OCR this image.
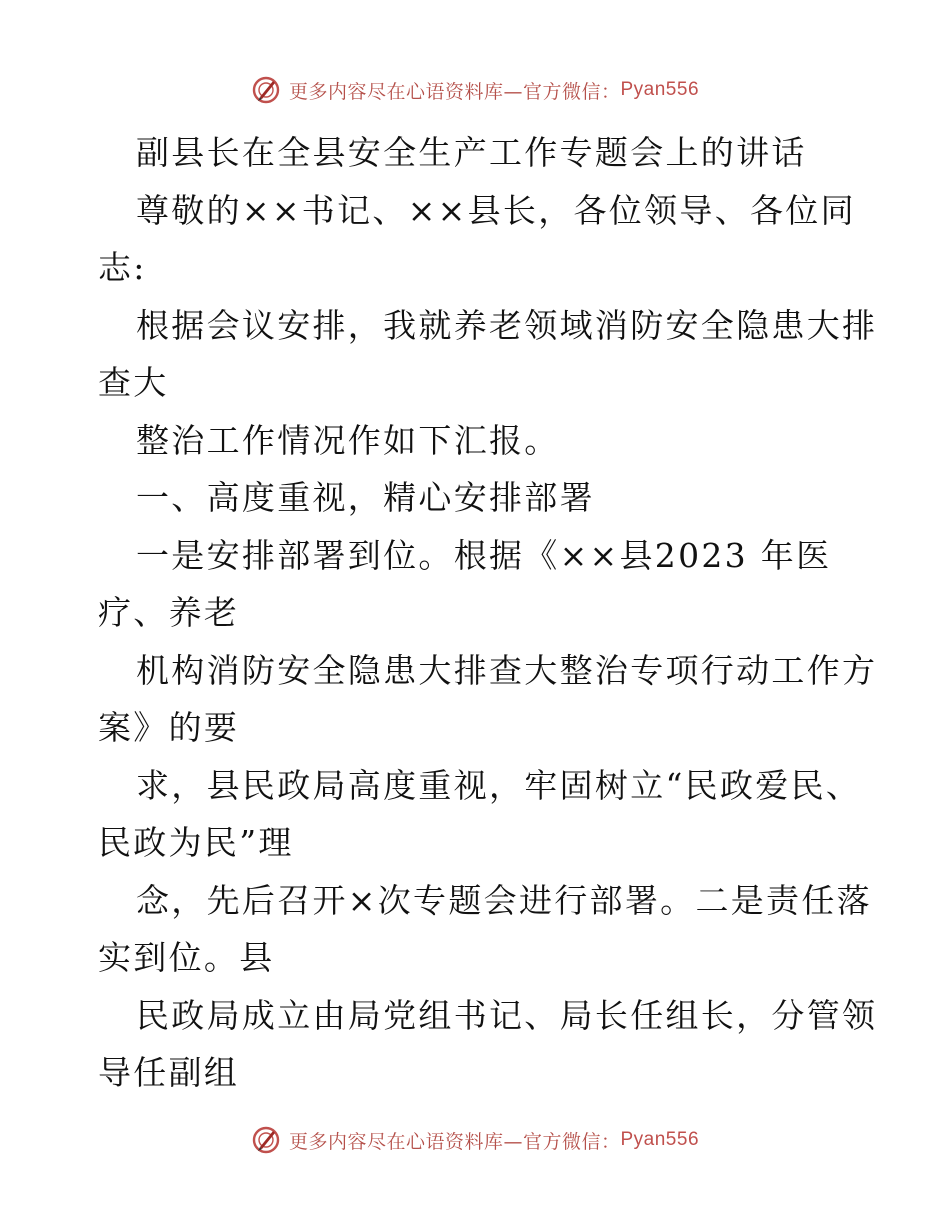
更多内容尽在心语资料库—官方微信： Pyan556
副县长在全县安全生产工作专题会上的讲话
尊敬的××书记、××县长，各位领导、各位同
志:
根据会议安排，我就养老领域消防安全隐患大排
查大
整治工作情况作如下汇报。
一、高度重视，精心安排部署
一是安排部署到位。根据《××县2023 年医
疗、养老
机构消防安全隐患大排查大整治专项行动工作方
案》的要
求，县民政局高度重视，牢固树立“民政爱民、
民政为民”理
念，先后召开×次专题会进行部署。二是责任落
实到位。县
民政局成立由局党组书记、局长任组长，分管领
导任副组
更多内容尽在心语资料库—官方微信： Pyan556
